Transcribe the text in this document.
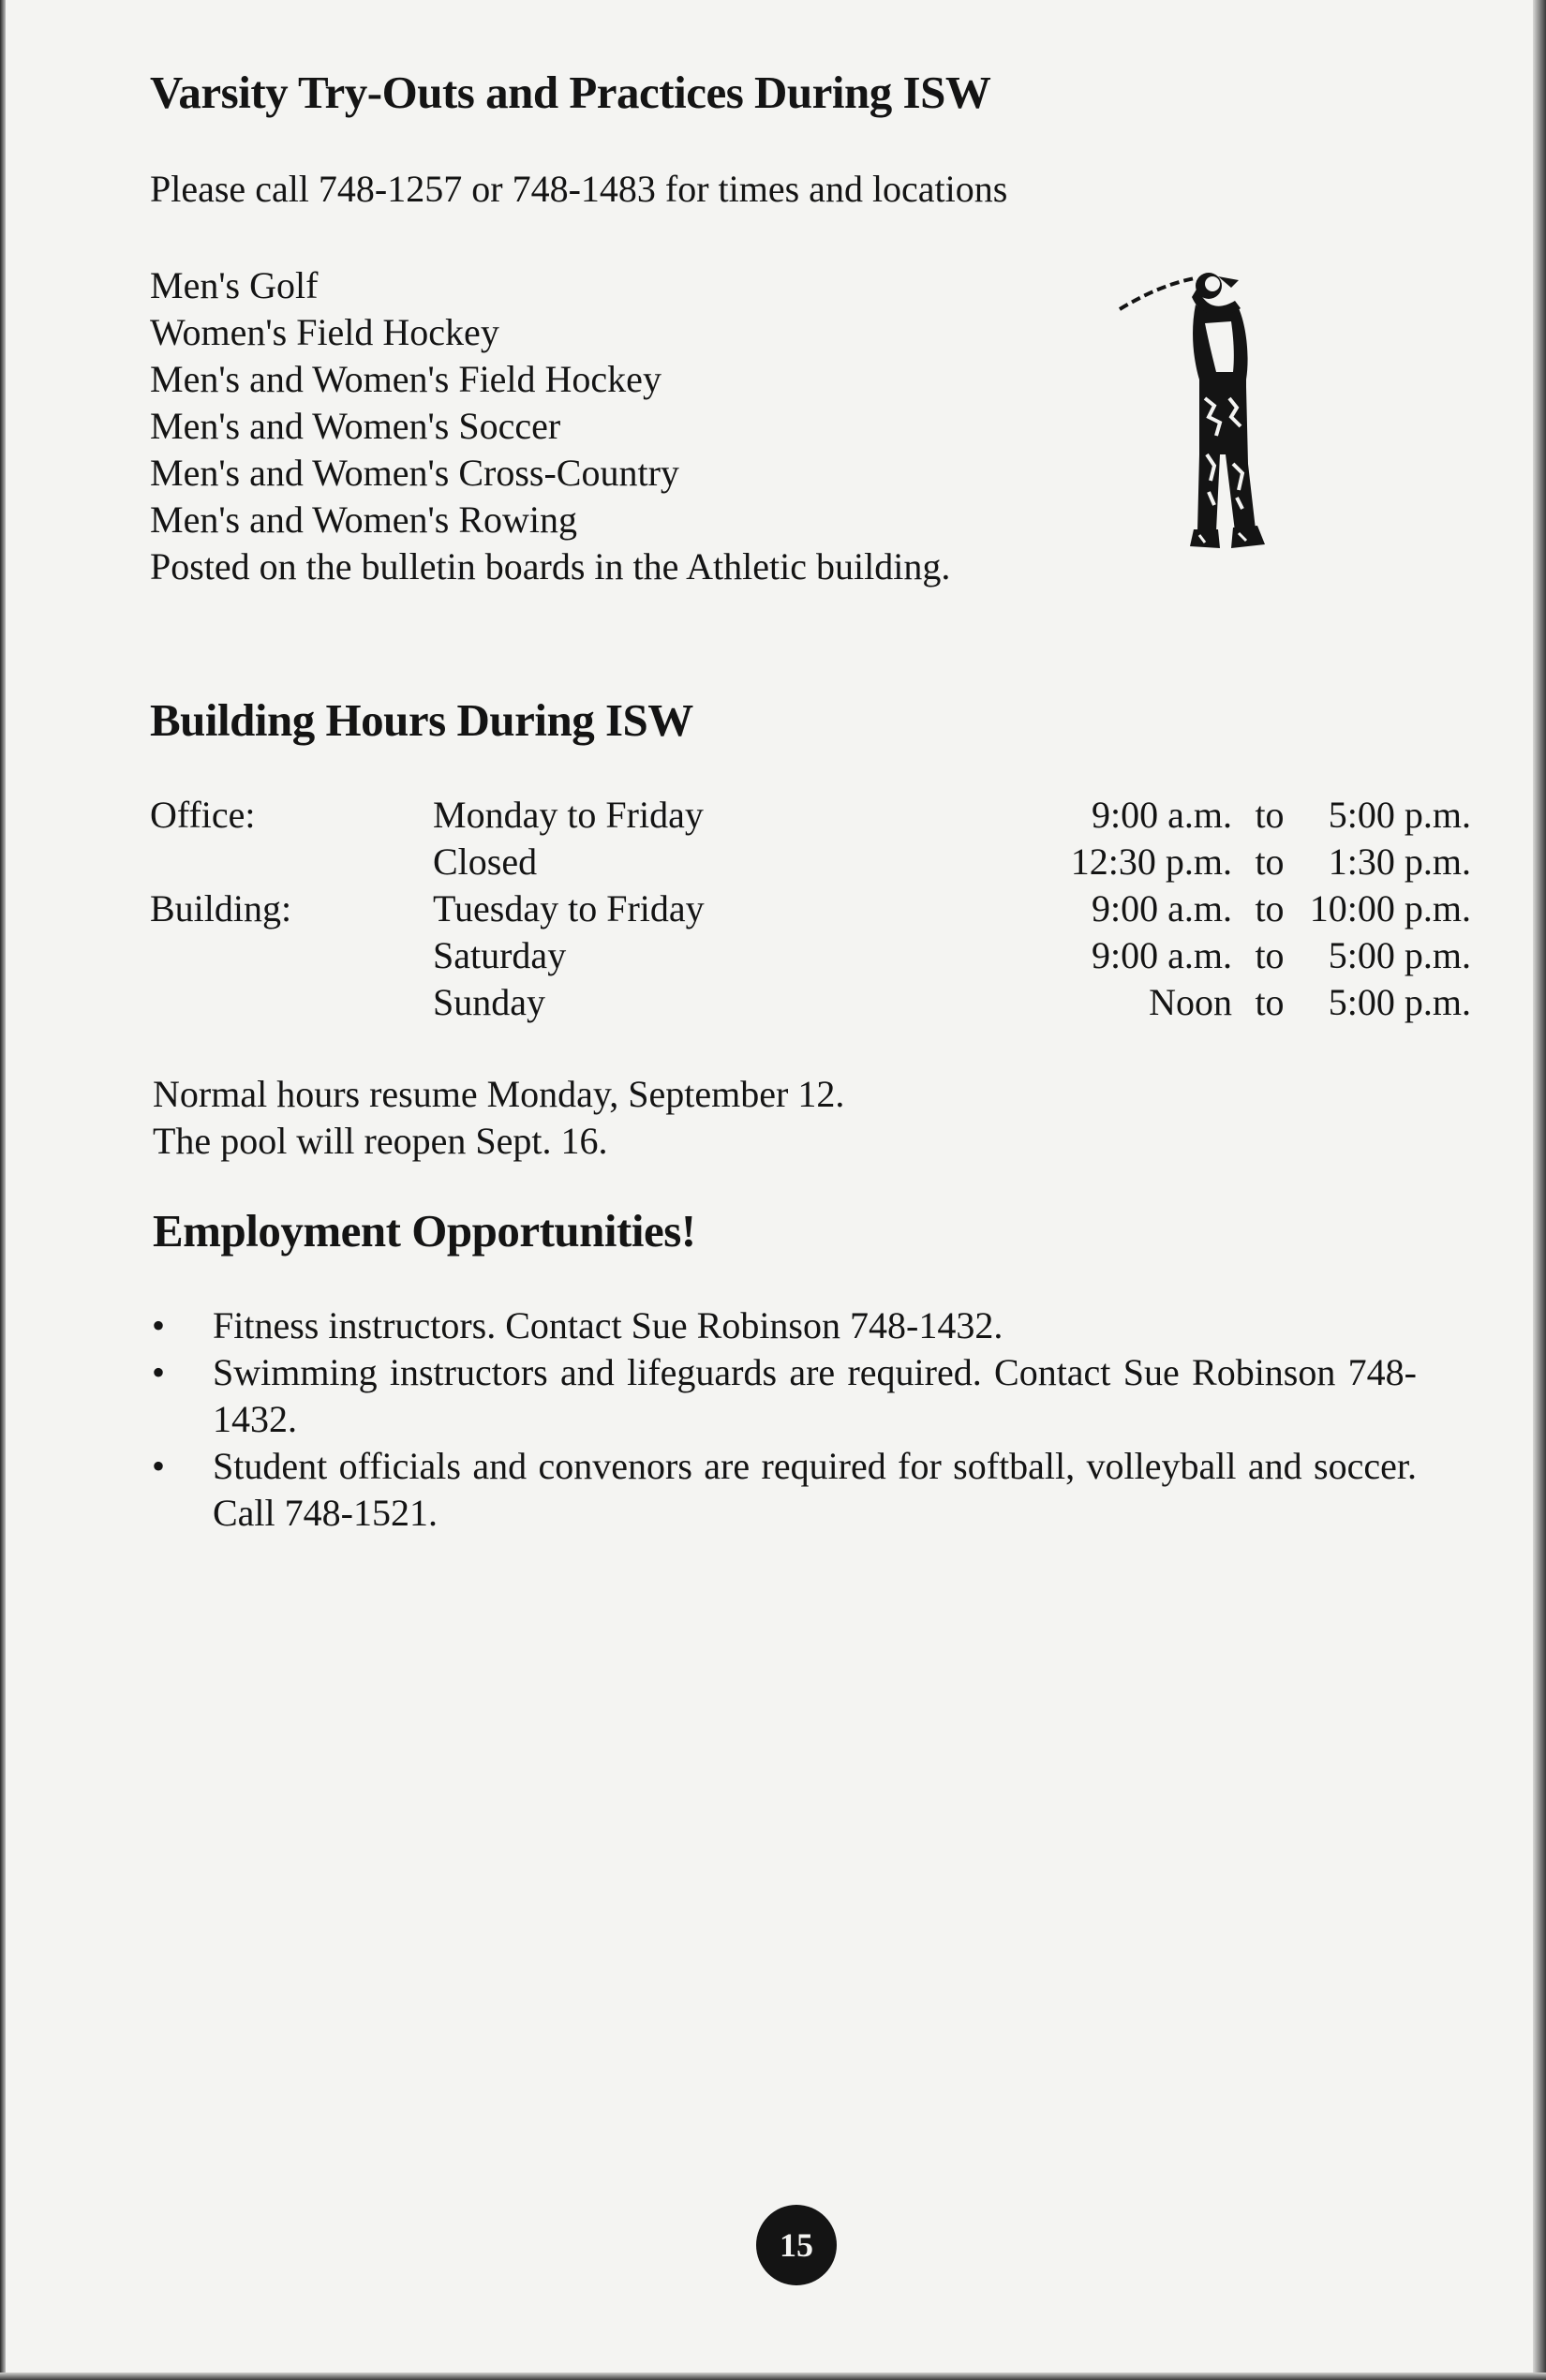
Varsity Try-Outs and Practices During ISW
Please call 748-1257 or 748-1483 for times and locations
Men's Golf
Women's Field Hockey
Men's and Women's Field Hockey
Men's and Women's Soccer
Men's and Women's Cross-Country
Men's and Women's Rowing
Posted on the bulletin boards in the Athletic building.
Building Hours During ISW
Office:	Monday to Friday	9:00 a.m.	to	5:00 p.m.
	Closed	12:30 p.m.	to	1:30 p.m.
Building:	Tuesday to Friday	9:00 a.m.	to	10:00 p.m.
	Saturday	9:00 a.m.	to	5:00 p.m.
	Sunday	Noon	to	5:00 p.m.
Normal hours resume Monday, September 12.
The pool will reopen Sept. 16.
Employment Opportunities!
• Fitness instructors. Contact Sue Robinson 748-1432.
• Swimming instructors and lifeguards are required. Contact Sue Robinson 748-1432.
• Student officials and convenors are required for softball, volleyball and soccer. Call 748-1521.
15
